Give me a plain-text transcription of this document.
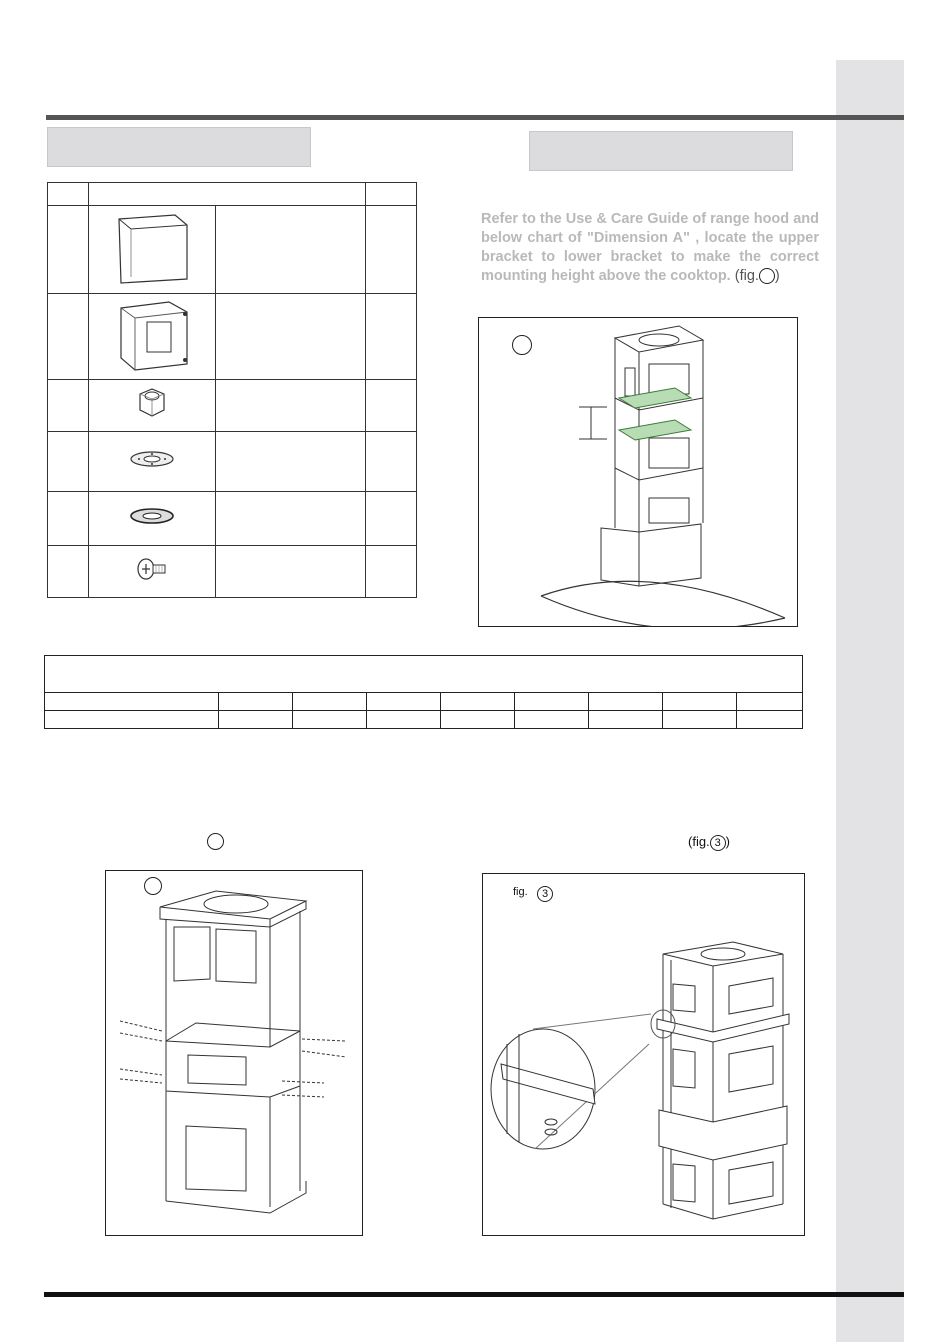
Refer to the Use & Care Guide of range hood and below chart of "Dimension A" , locate the upper bracket to lower bracket to make the correct mounting height above the cooktop. (fig. )

(fig. 3 )
fig.	3
